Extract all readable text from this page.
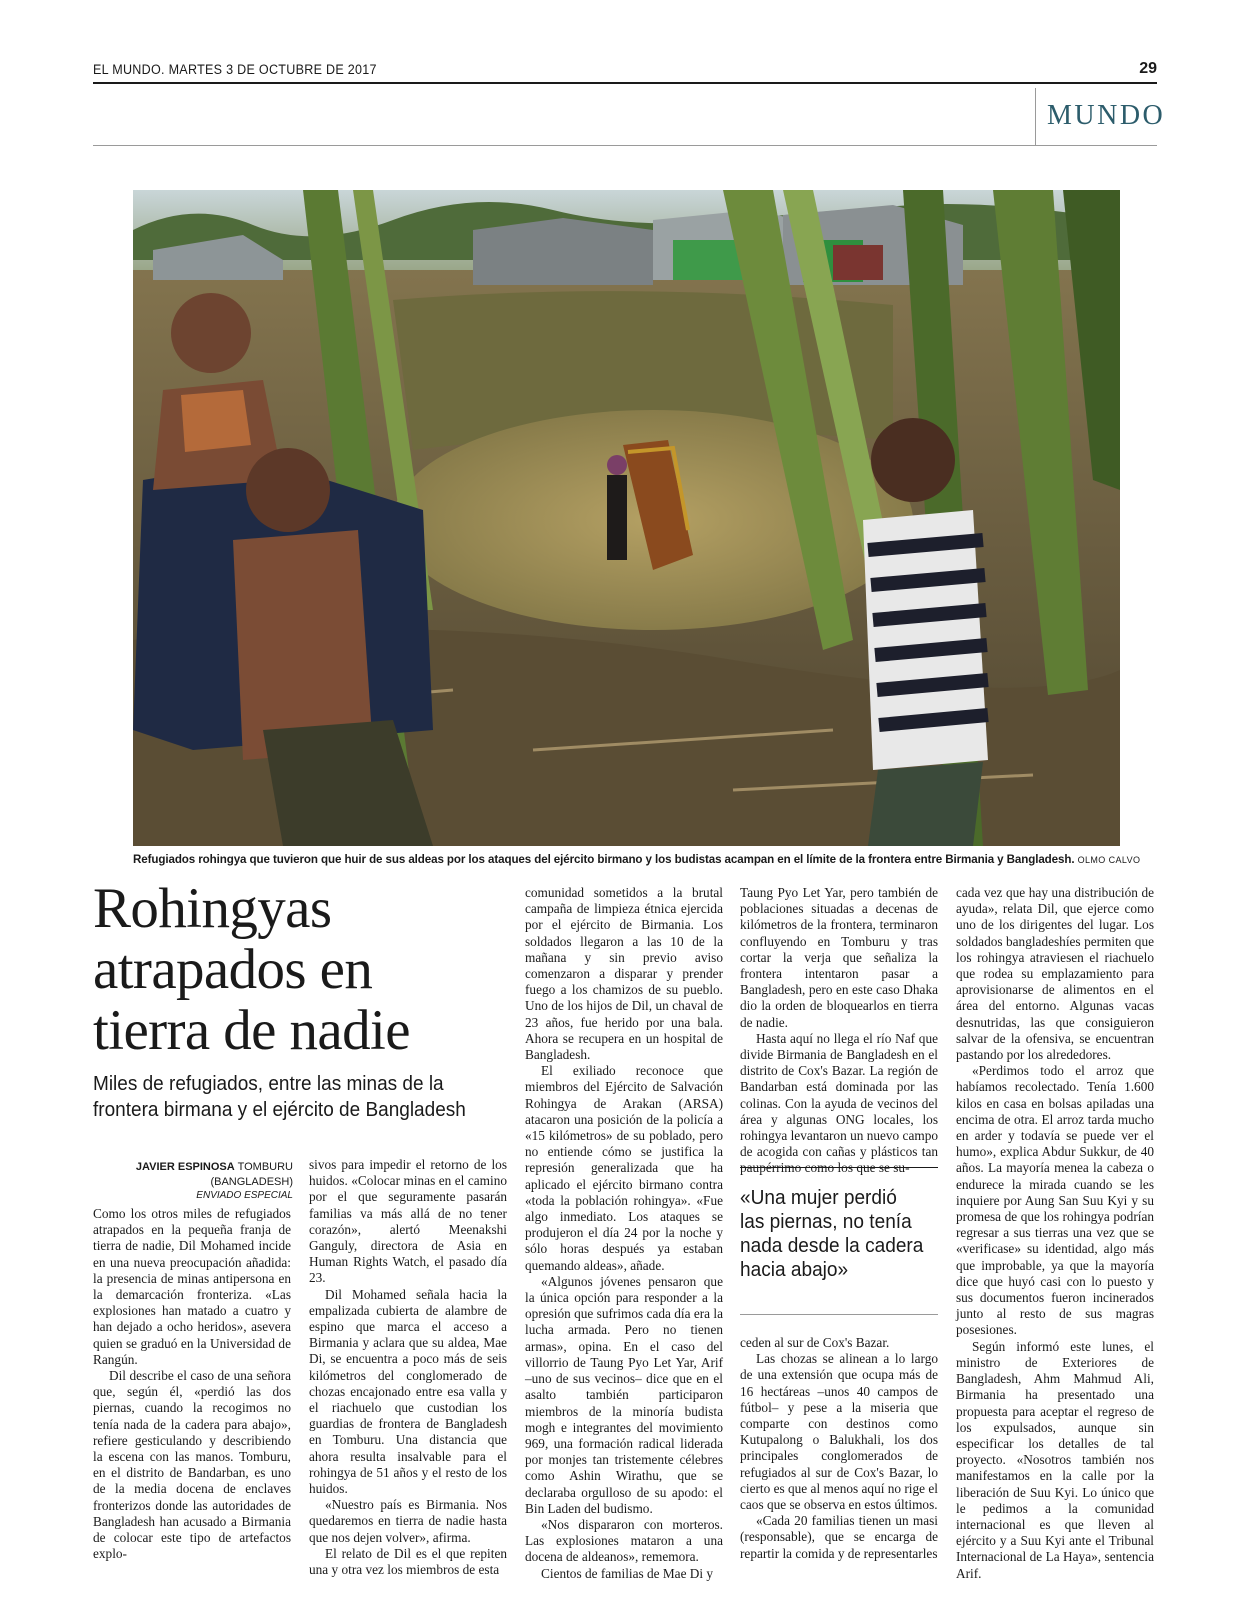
EL MUNDO. MARTES 3 DE OCTUBRE DE 2017	29
MUNDO
Refugiados rohingya que tuvieron que huir de sus aldeas por los ataques del ejército birmano y los budistas acampan en el límite de la frontera entre Birmania y Bangladesh. OLMO CALVO
Rohingyas
atrapados en
tierra de nadie
Miles de refugiados, entre las minas de la frontera birmana y el ejército de Bangladesh
JAVIER ESPINOSA TOMBURU
(BANGLADESH)
ENVIADO ESPECIAL

Como los otros miles de refugiados atrapados en la pequeña franja de tierra de nadie, Dil Mohamed incide en una nueva preocupación añadida: la presencia de minas antipersona en la demarcación fronteriza. «Las explosiones han matado a cuatro y han dejado a ocho heridos», asevera quien se graduó en la Universidad de Rangún.

Dil describe el caso de una señora que, según él, «perdió las dos piernas, cuando la recogimos no tenía nada de la cadera para abajo», refiere gesticulando y describiendo la escena con las manos. Tomburu, en el distrito de Bandarban, es uno de la media docena de enclaves fronterizos donde las autoridades de Bangladesh han acusado a Birmania de colocar este tipo de artefactos explo-

sivos para impedir el retorno de los huidos. «Colocar minas en el camino por el que seguramente pasarán familias va más allá de no tener corazón», alertó Meenakshi Ganguly, directora de Asia en Human Rights Watch, el pasado día 23.

Dil Mohamed señala hacia la empalizada cubierta de alambre de espino que marca el acceso a Birmania y aclara que su aldea, Mae Di, se encuentra a poco más de seis kilómetros del conglomerado de chozas encajonado entre esa valla y el riachuelo que custodian los guardias de frontera de Bangladesh en Tomburu. Una distancia que ahora resulta insalvable para el rohingya de 51 años y el resto de los huidos.

«Nuestro país es Birmania. Nos quedaremos en tierra de nadie hasta que nos dejen volver», afirma.

El relato de Dil es el que repiten una y otra vez los miembros de esta

comunidad sometidos a la brutal campaña de limpieza étnica ejercida por el ejército de Birmania. Los soldados llegaron a las 10 de la mañana y sin previo aviso comenzaron a disparar y prender fuego a los chamizos de su pueblo. Uno de los hijos de Dil, un chaval de 23 años, fue herido por una bala. Ahora se recupera en un hospital de Bangladesh.

El exiliado reconoce que miembros del Ejército de Salvación Rohingya de Arakan (ARSA) atacaron una posición de la policía a «15 kilómetros» de su poblado, pero no entiende cómo se justifica la represión generalizada que ha aplicado el ejército birmano contra «toda la población rohingya». «Fue algo inmediato. Los ataques se produjeron el día 24 por la noche y sólo horas después ya estaban quemando aldeas», añade.

«Algunos jóvenes pensaron que la única opción para responder a la opresión que sufrimos cada día era la lucha armada. Pero no tienen armas», opina. En el caso del villorrio de Taung Pyo Let Yar, Arif –uno de sus vecinos– dice que en el asalto también participaron miembros de la minoría budista mogh e integrantes del movimiento 969, una formación radical liderada por monjes tan tristemente célebres como Ashin Wirathu, que se declaraba orgulloso de su apodo: el Bin Laden del budismo.

«Nos dispararon con morteros. Las explosiones mataron a una docena de aldeanos», rememora.

Cientos de familias de Mae Di y

Taung Pyo Let Yar, pero también de poblaciones situadas a decenas de kilómetros de la frontera, terminaron confluyendo en Tomburu y tras cortar la verja que señaliza la frontera intentaron pasar a Bangladesh, pero en este caso Dhaka dio la orden de bloquearlos en tierra de nadie.

Hasta aquí no llega el río Naf que divide Birmania de Bangladesh en el distrito de Cox's Bazar. La región de Bandarban está dominada por las colinas. Con la ayuda de vecinos del área y algunas ONG locales, los rohingya levantaron un nuevo campo de acogida con cañas y plásticos tan

«Una mujer perdió las piernas, no tenía nada desde la cadera hacia abajo»

ceden al sur de Cox's Bazar.

Las chozas se alinean a lo largo de una extensión que ocupa más de 16 hectáreas –unos 40 campos de fútbol– y pese a la miseria que comparte con destinos como Kutupalong o Balukhali, los dos principales conglomerados de refugiados al sur de Cox's Bazar, lo cierto es que al menos aquí no rige el caos que se observa en estos últimos.

«Cada 20 familias tienen un masi (responsable), que se encarga de repartir la comida y de representarles

cada vez que hay una distribución de ayuda», relata Dil, que ejerce como uno de los dirigentes del lugar. Los soldados bangladeshíes permiten que los rohingya atraviesen el riachuelo que rodea su emplazamiento para aprovisionarse de alimentos en el área del entorno. Algunas vacas desnutridas, las que consiguieron salvar de la ofensiva, se encuentran pastando por los alrededores.

«Perdimos todo el arroz que habíamos recolectado. Tenía 1.600 kilos en casa en bolsas apiladas una encima de otra. El arroz tarda mucho en arder y todavía se puede ver el humo», explica Abdur Sukkur, de 40 años. La mayoría menea la cabeza o endurece la mirada cuando se les inquiere por Aung San Suu Kyi y su promesa de que los rohingya podrían regresar a sus tierras una vez que se «verificase» su identidad, algo más que improbable, ya que la mayoría dice que huyó casi con lo puesto y sus documentos fueron incinerados junto al resto de sus magras posesiones.

Según informó este lunes, el ministro de Exteriores de Bangladesh, Ahm Mahmud Ali, Birmania ha presentado una propuesta para aceptar el regreso de los expulsados, aunque sin especificar los detalles de tal proyecto. «Nosotros también nos manifestamos en la calle por la liberación de Suu Kyi. Lo único que le pedimos a la comunidad internacional es que lleven al ejército y a Suu Kyi ante el Tribunal Internacional de La Haya», sentencia Arif.
